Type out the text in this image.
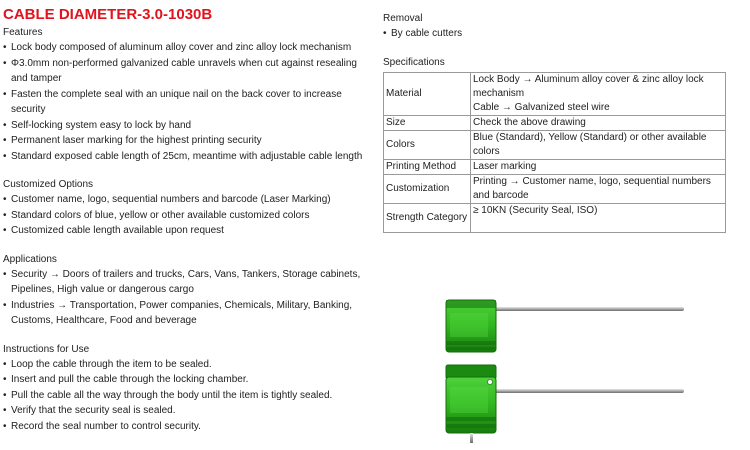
CABLE DIAMETER-3.0-1030B
Features
• Lock body composed of aluminum alloy cover and zinc alloy lock mechanism
• Φ3.0mm non-performed galvanized cable unravels when cut against resealing and tamper
• Fasten the complete seal with an unique nail on the back cover to increase security
• Self-locking system easy to lock by hand
• Permanent laser marking for the highest printing security
• Standard exposed cable length of 25cm, meantime with adjustable cable length
Customized Options
• Customer name, logo, sequential numbers and barcode (Laser Marking)
• Standard colors of blue, yellow or other available customized colors
• Customized cable length available upon request
Applications
• Security → Doors of trailers and trucks, Cars, Vans, Tankers, Storage cabinets, Pipelines, High value or dangerous cargo
• Industries → Transportation, Power companies, Chemicals, Military, Banking, Customs, Healthcare, Food and beverage
Instructions for Use
• Loop the cable through the item to be sealed.
• Insert and pull the cable through the locking chamber.
• Pull the cable all the way through the body until the item is tightly sealed.
• Verify that the security seal is sealed.
• Record the seal number to control security.
Removal
• By cable cutters
Specifications
Material	Lock Body → Aluminum alloy cover & zinc alloy lock mechanism
Cable → Galvanized steel wire

Size	Check the above drawing

Colors	Blue (Standard), Yellow (Standard) or other available colors

Printing Method	Laser marking

Customization	Printing → Customer name, logo, sequential numbers and barcode

Strength Category	≥ 10KN (Security Seal, ISO)
